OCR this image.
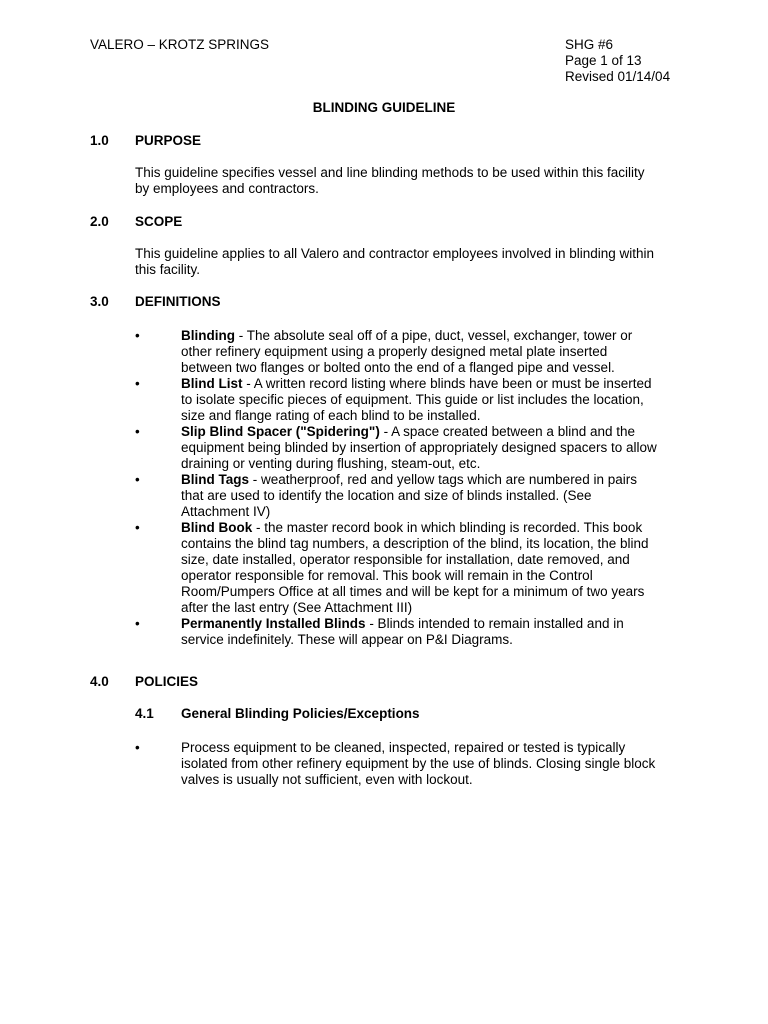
VALERO – KROTZ SPRINGS	SHG #6
Page 1 of 13
Revised 01/14/04
BLINDING GUIDELINE
1.0 PURPOSE
This guideline specifies vessel and line blinding methods to be used within this facility
by employees and contractors.
2.0 SCOPE
This guideline applies to all Valero and contractor employees involved in blinding within
this facility.
3.0 DEFINITIONS
•	Blinding - The absolute seal off of a pipe, duct, vessel, exchanger, tower or
other refinery equipment using a properly designed metal plate inserted
between two flanges or bolted onto the end of a flanged pipe and vessel.
•	Blind List - A written record listing where blinds have been or must be inserted
to isolate specific pieces of equipment. This guide or list includes the location,
size and flange rating of each blind to be installed.
•	Slip Blind Spacer ("Spidering") - A space created between a blind and the
equipment being blinded by insertion of appropriately designed spacers to allow
draining or venting during flushing, steam-out, etc.
•	Blind Tags - weatherproof, red and yellow tags which are numbered in pairs
that are used to identify the location and size of blinds installed. (See
Attachment IV)
•	Blind Book - the master record book in which blinding is recorded. This book
contains the blind tag numbers, a description of the blind, its location, the blind
size, date installed, operator responsible for installation, date removed, and
operator responsible for removal. This book will remain in the Control
Room/Pumpers Office at all times and will be kept for a minimum of two years
after the last entry (See Attachment III)
•	Permanently Installed Blinds - Blinds intended to remain installed and in
service indefinitely. These will appear on P&I Diagrams.
4.0 POLICIES
4.1 General Blinding Policies/Exceptions
•	Process equipment to be cleaned, inspected, repaired or tested is typically
isolated from other refinery equipment by the use of blinds. Closing single block
valves is usually not sufficient, even with lockout.
